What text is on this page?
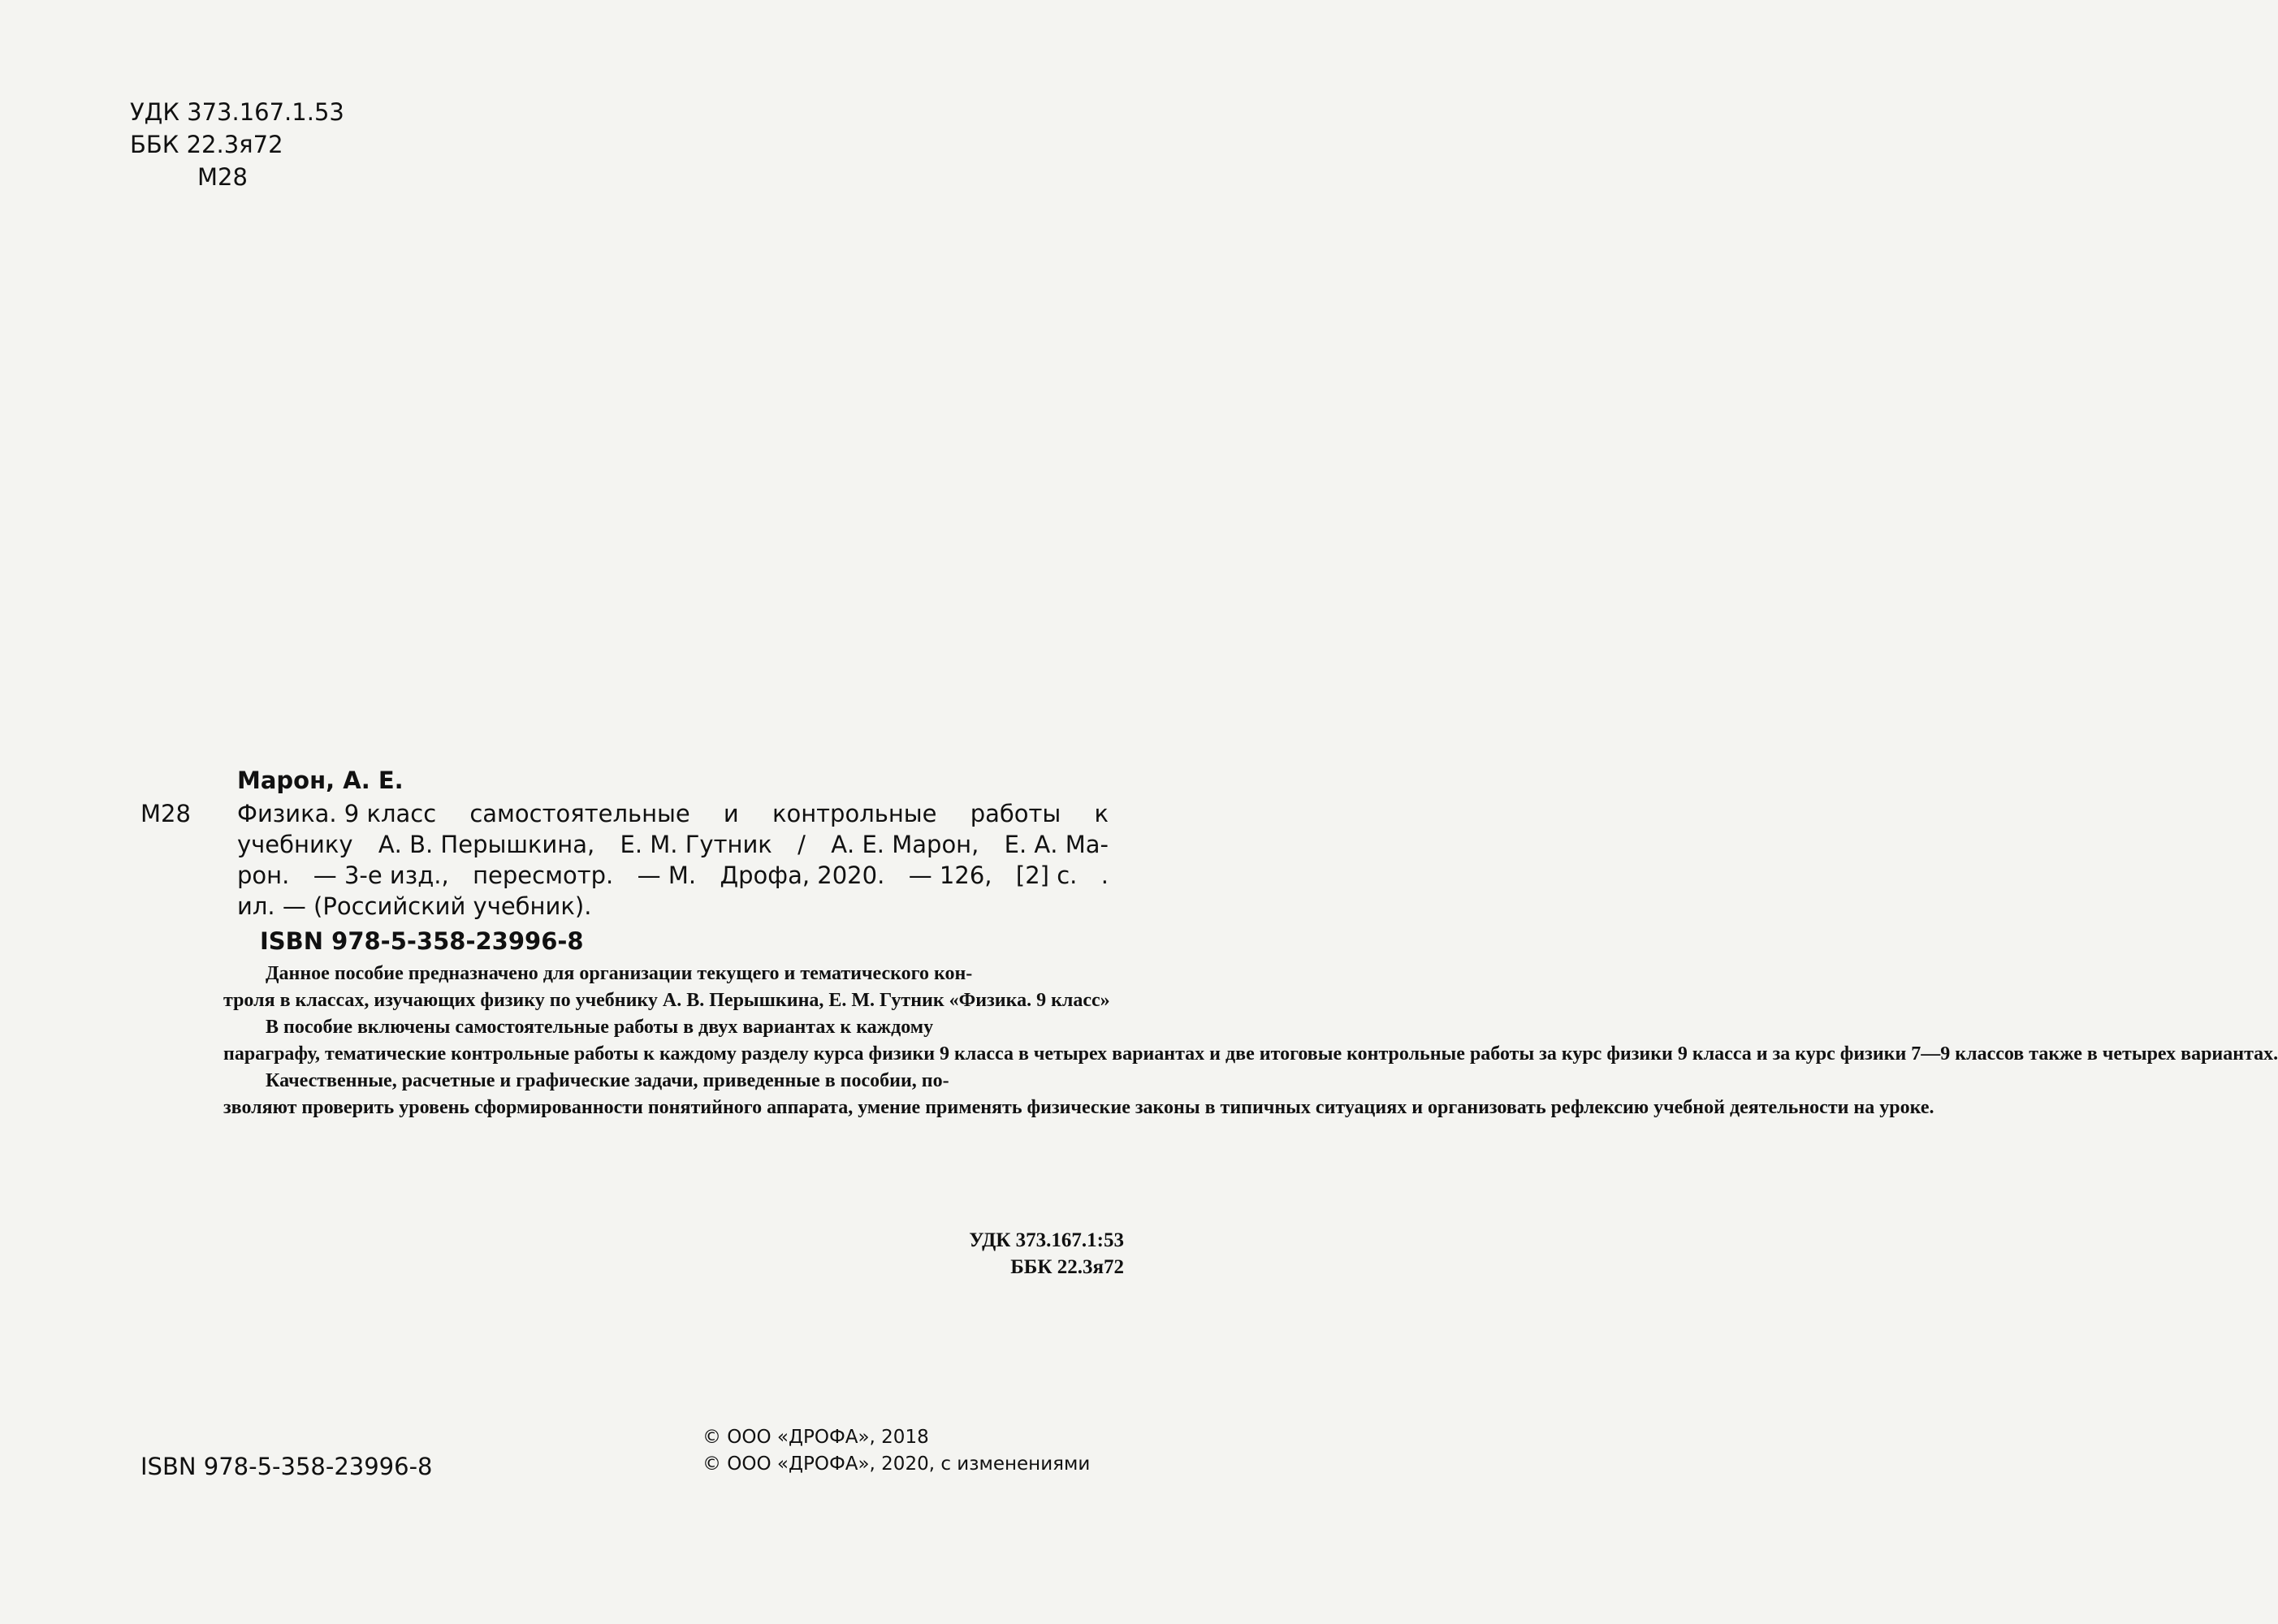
УДК 373.167.1.53
ББК 22.3я72
М28
Марон, А. Е.
М28 Физика. 9 класс самостоятельные и контрольные работы к
учебнику А. В. Перышкина, Е. М. Гутник / А. Е. Марон, Е. А. Ма-
рон. — 3-е изд., пересмотр. — М. Дрофа, 2020. — 126, [2] с. .
ил. — (Российский учебник).
ISBN 978-5-358-23996-8

Данное пособие предназначено для организации текущего и тематического кон-

троля в классах, изучающих физику по учебнику А. В. Перышкина, Е. М. Гутник «Физика. 9 класс»

В пособие включены самостоятельные работы в двух вариантах к каждому

параграфу, тематические контрольные работы к каждому разделу курса физики 9 класса в четырех вариантах и две итоговые контрольные работы за курс физики 9 класса и за курс физики 7—9 классов также в четырех вариантах.

Качественные, расчетные и графические задачи, приведенные в пособии, по-

зволяют проверить уровень сформированности понятийного аппарата, умение применять физические законы в типичных ситуациях и организовать рефлексию учебной деятельности на уроке.

УДК 373.167.1:53
ББК 22.3я72
ISBN 978-5-358-23996-8
© ООО «ДРОФА», 2018
© ООО «ДРОФА», 2020, с изменениями
